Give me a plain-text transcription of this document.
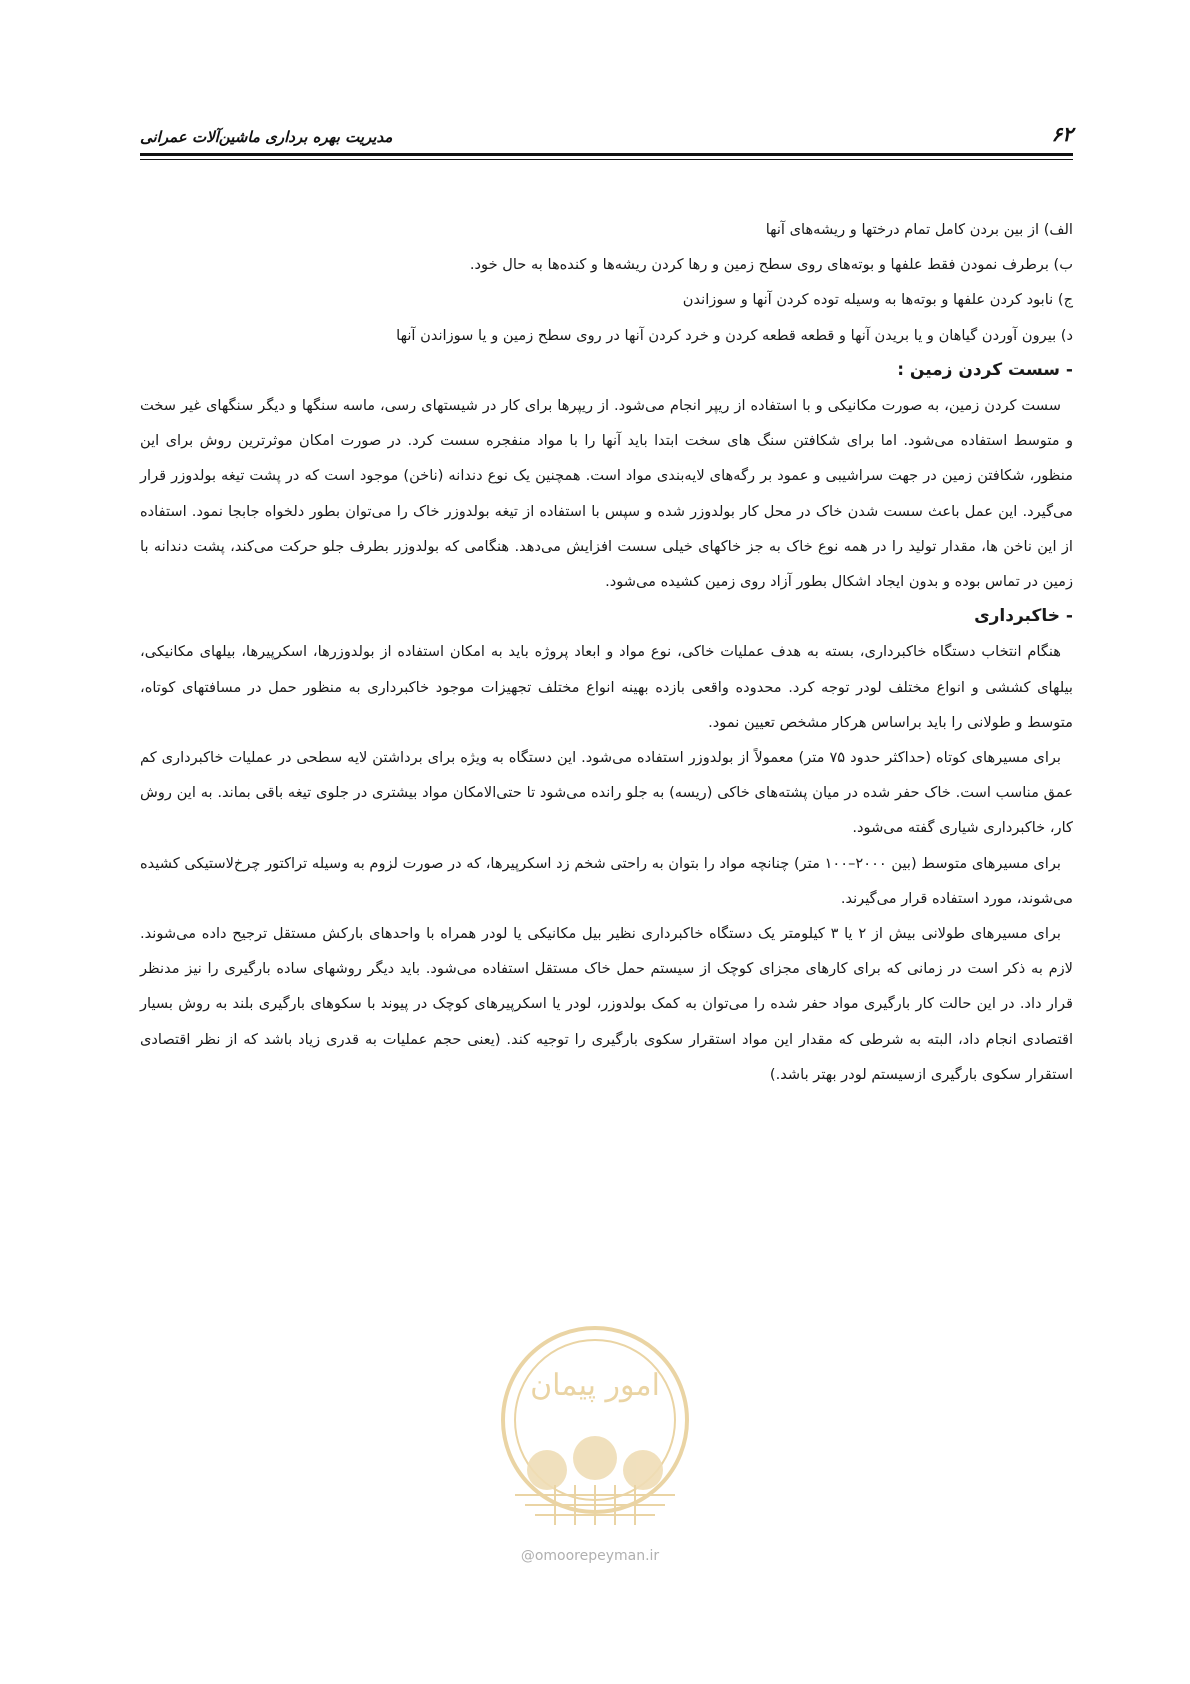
۶۲
مدیریت بهره برداری ماشین‌آلات عمرانی

الف) از بین بردن کامل تمام درختها و ریشه‌های آنها

ب) برطرف نمودن فقط علفها و بوته‌های روی سطح زمین و رها کردن ریشه‌ها و کنده‌ها به حال خود.

ج) نابود کردن علفها و بوته‌ها به وسیله توده کردن آنها و سوزاندن

د) بیرون آوردن گیاهان و یا بریدن آنها و قطعه قطعه کردن و خرد کردن آنها در روی سطح زمین و یا سوزاندن آنها

- سست کردن زمین :

سست کردن زمین، به صورت مکانیکی و با استفاده از ریپر انجام می‌شود. از ریپرها برای کار در شیستهای رسی، ماسه سنگها و دیگر سنگهای غیر سخت و متوسط استفاده می‌شود. اما برای شکافتن سنگ های سخت ابتدا باید آنها را با مواد منفجره سست کرد. در صورت امکان موثرترین روش برای این منظور، شکافتن زمین در جهت سراشیبی و عمود بر رگه‌های لایه‌بندی مواد است. همچنین یک نوع دندانه (ناخن) موجود است که در پشت تیغه بولدوزر قرار می‌گیرد. این عمل باعث سست شدن خاک در محل کار بولدوزر شده و سپس با استفاده از تیغه بولدوزر خاک را می‌توان بطور دلخواه جابجا نمود. استفاده از این ناخن ها، مقدار تولید را در همه نوع خاک به جز خاکهای خیلی سست افزایش می‌دهد. هنگامی که بولدوزر بطرف جلو حرکت می‌کند، پشت دندانه با زمین در تماس بوده و بدون ایجاد اشکال بطور آزاد روی زمین کشیده می‌شود.

- خاکبرداری

هنگام انتخاب دستگاه خاکبرداری، بسته به هدف عملیات خاکی، نوع مواد و ابعاد پروژه باید به امکان استفاده از بولدوزرها، اسکرپیرها، بیلهای مکانیکی، بیلهای کششی و انواع مختلف لودر توجه کرد. محدوده واقعی بازده بهینه انواع مختلف تجهیزات موجود خاکبرداری به منظور حمل در مسافتهای کوتاه، متوسط و طولانی را باید براساس هرکار مشخص تعیین نمود.

برای مسیرهای کوتاه (حداکثر حدود ۷۵ متر) معمولاً از بولدوزر استفاده می‌شود. این دستگاه به ویژه برای برداشتن لایه سطحی در عملیات خاکبرداری کم عمق مناسب است. خاک حفر شده در میان پشته‌های خاکی (ریسه) به جلو رانده می‌شود تا حتی‌الامکان مواد بیشتری در جلوی تیغه باقی بماند. به این روش کار، خاکبرداری شیاری گفته می‌شود.

برای مسیرهای متوسط (بین ۲۰۰۰–۱۰۰ متر) چنانچه مواد را بتوان به راحتی شخم زد اسکرپیرها، که در صورت لزوم به وسیله تراکتور چرخ‌لاستیکی کشیده می‌شوند، مورد استفاده قرار می‌گیرند.

برای مسیرهای طولانی بیش از ۲ یا ۳ کیلومتر یک دستگاه خاکبرداری نظیر بیل مکانیکی یا لودر همراه با واحدهای بارکش مستقل ترجیح داده می‌شوند. لازم به ذکر است در زمانی که برای کارهای مجزای کوچک از سیستم حمل خاک مستقل استفاده می‌شود. باید دیگر روشهای ساده بارگیری را نیز مدنظر قرار داد. در این حالت کار بارگیری مواد حفر شده را می‌توان به کمک بولدوزر، لودر یا اسکرپیرهای کوچک در پیوند با سکوهای بارگیری بلند به روش بسیار اقتصادی انجام داد، البته به شرطی که مقدار این مواد استقرار سکوی بارگیری را توجیه کند. (یعنی حجم عملیات به قدری زیاد باشد که از نظر اقتصادی استقرار سکوی بارگیری ازسیستم لودر بهتر باشد.)

امور پیمان
@omoorepeyman.ir
